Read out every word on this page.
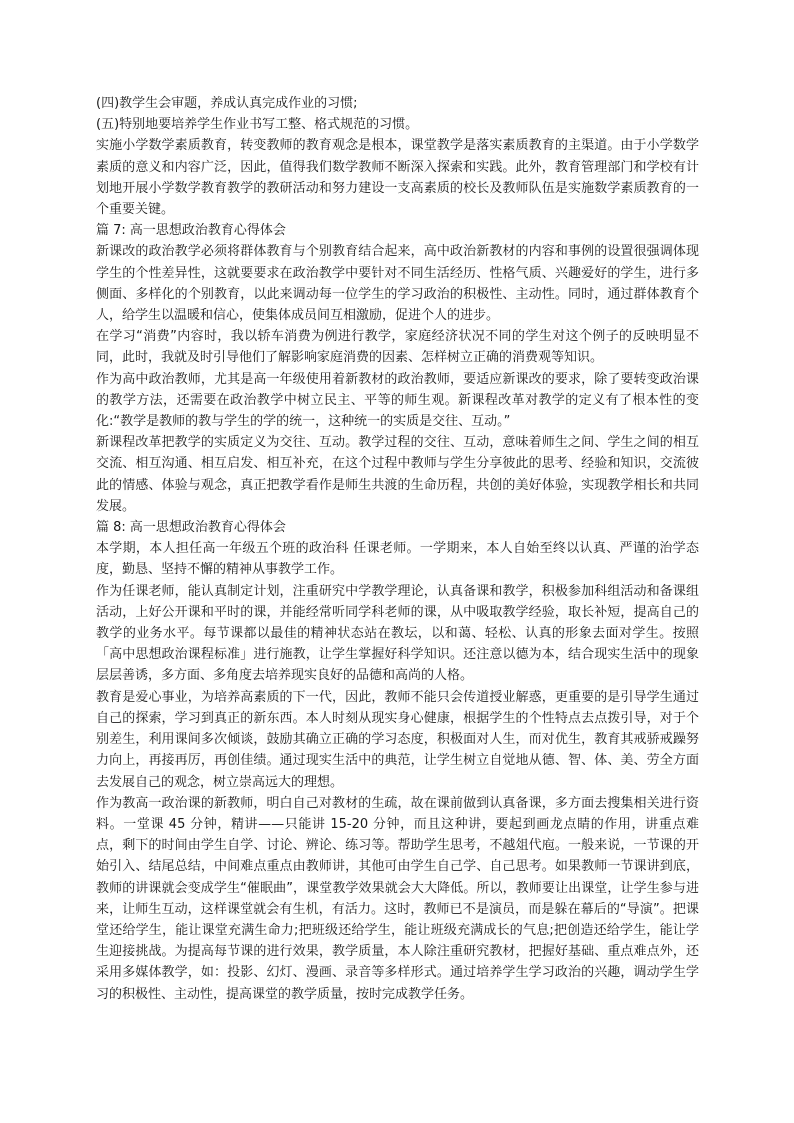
(四)教学生会审题，养成认真完成作业的习惯;

(五)特别地要培养学生作业书写工整、格式规范的习惯。

实施小学数学素质教育，转变教师的教育观念是根本，课堂教学是落实素质教育的主渠道。由于小学数学素质的意义和内容广泛，因此，值得我们数学教师不断深入探索和实践。此外，教育管理部门和学校有计划地开展小学数学教育教学的教研活动和努力建设一支高素质的校长及教师队伍是实施数学素质教育的一个重要关键。

篇 7: 高一思想政治教育心得体会

新课改的政治教学必须将群体教育与个别教育结合起来，高中政治新教材的内容和事例的设置很强调体现学生的个性差异性，这就要要求在政治教学中要针对不同生活经历、性格气质、兴趣爱好的学生，进行多侧面、多样化的个别教育，以此来调动每一位学生的学习政治的积极性、主动性。同时，通过群体教育个人，给学生以温暖和信心，使集体成员间互相激励，促进个人的进步。

在学习“消费”内容时，我以轿车消费为例进行教学，家庭经济状况不同的学生对这个例子的反映明显不同，此时，我就及时引导他们了解影响家庭消费的因素、怎样树立正确的消费观等知识。

作为高中政治教师，尤其是高一年级使用着新教材的政治教师，要适应新课改的要求，除了要转变政治课的教学方法，还需要在政治教学中树立民主、平等的师生观。新课程改革对教学的定义有了根本性的变化:“教学是教师的教与学生的学的统一，这种统一的实质是交往、互动。”

新课程改革把教学的实质定义为交往、互动。教学过程的交往、互动，意味着师生之间、学生之间的相互交流、相互沟通、相互启发、相互补充，在这个过程中教师与学生分享彼此的思考、经验和知识，交流彼此的情感、体验与观念，真正把教学看作是师生共渡的生命历程，共创的美好体验，实现教学相长和共同发展。

篇 8: 高一思想政治教育心得体会

本学期，本人担任高一年级五个班的政治科 任课老师。一学期来，本人自始至终以认真、严谨的治学态度，勤恳、坚持不懈的精神从事教学工作。

作为任课老师，能认真制定计划，注重研究中学教学理论，认真备课和教学，积极参加科组活动和备课组活动，上好公开课和平时的课，并能经常听同学科老师的课，从中吸取教学经验，取长补短，提高自己的教学的业务水平。每节课都以最佳的精神状态站在教坛，以和蔼、轻松、认真的形象去面对学生。按照「高中思想政治课程标准」进行施教，让学生掌握好科学知识。还注意以德为本，结合现实生活中的现象层层善诱，多方面、多角度去培养现实良好的品德和高尚的人格。

教育是爱心事业，为培养高素质的下一代，因此，教师不能只会传道授业解惑，更重要的是引导学生通过自己的探索，学习到真正的新东西。本人时刻从现实身心健康，根据学生的个性特点去点拨引导，对于个别差生，利用课间多次倾谈，鼓励其确立正确的学习态度，积极面对人生，而对优生，教育其戒骄戒躁努力向上，再接再厉，再创佳绩。通过现实生活中的典范，让学生树立自觉地从德、智、体、美、劳全方面去发展自己的观念，树立崇高远大的理想。

作为教高一政治课的新教师，明白自己对教材的生疏，故在课前做到认真备课，多方面去搜集相关进行资料。一堂课 45 分钟，精讲——只能讲 15-20 分钟，而且这种讲，要起到画龙点睛的作用，讲重点难点，剩下的时间由学生自学、讨论、辨论、练习等。帮助学生思考，不越俎代庖。一般来说，一节课的开始引入、结尾总结，中间难点重点由教师讲，其他可由学生自己学、自己思考。如果教师一节课讲到底，教师的讲课就会变成学生“催眠曲”，课堂教学效果就会大大降低。所以，教师要让出课堂，让学生参与进来，让师生互动，这样课堂就会有生机，有活力。这时，教师已不是演员，而是躲在幕后的“导演”。把课堂还给学生，能让课堂充满生命力;把班级还给学生，能让班级充满成长的气息;把创造还给学生，能让学生迎接挑战。为提高每节课的进行效果，教学质量，本人除注重研究教材，把握好基础、重点难点外，还采用多媒体教学，如：投影、幻灯、漫画、录音等多样形式。通过培养学生学习政治的兴趣，调动学生学习的积极性、主动性，提高课堂的教学质量，按时完成教学任务。
